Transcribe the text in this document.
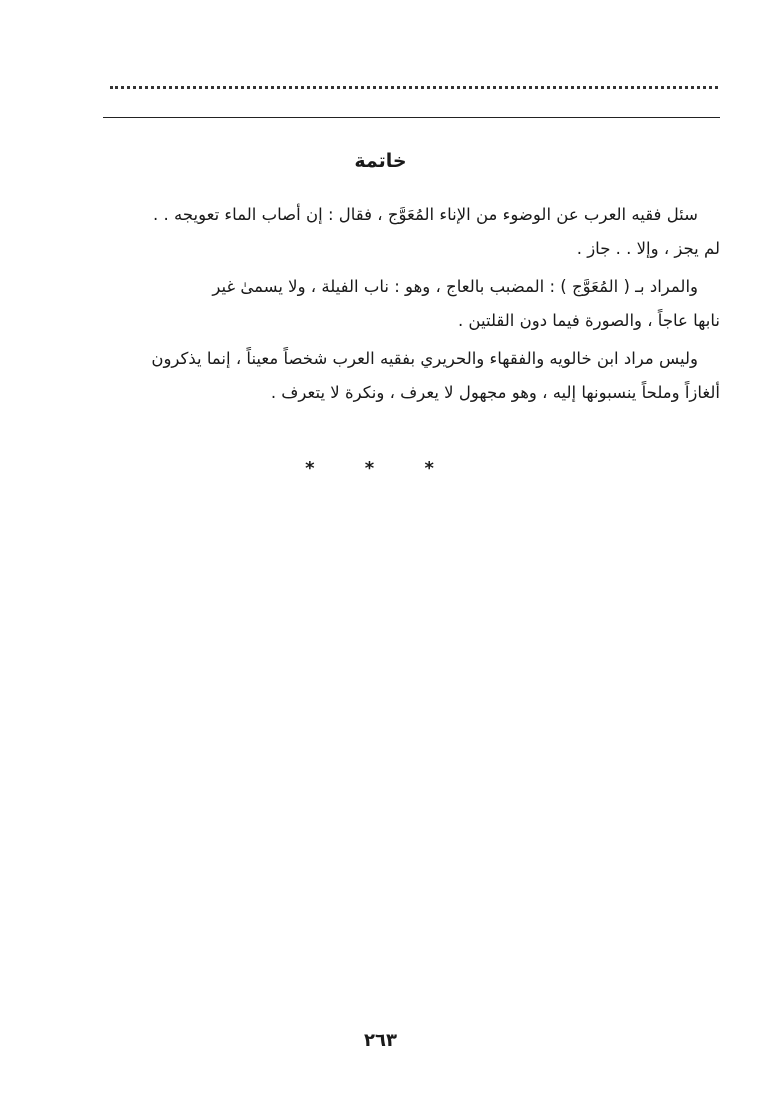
خاتمة

سئل فقيه العرب عن الوضوء من الإناء المُعَوَّج ، فقال : إن أصاب الماء تعويجه . .
لم يجز ، وإلا . . جاز .

والمراد بـ ( المُعَوَّج ) : المضبب بالعاج ، وهو : ناب الفيلة ، ولا يسمىٰ غير
نابها عاجاً ، والصورة فيما دون القلتين .

وليس مراد ابن خالويه والفقهاء والحريري بفقيه العرب شخصاً معيناً ، إنما يذكرون
ألغازاً وملحاً ينسبونها إليه ، وهو مجهول لا يعرف ، ونكرة لا يتعرف .

* * *
٢٦٣
